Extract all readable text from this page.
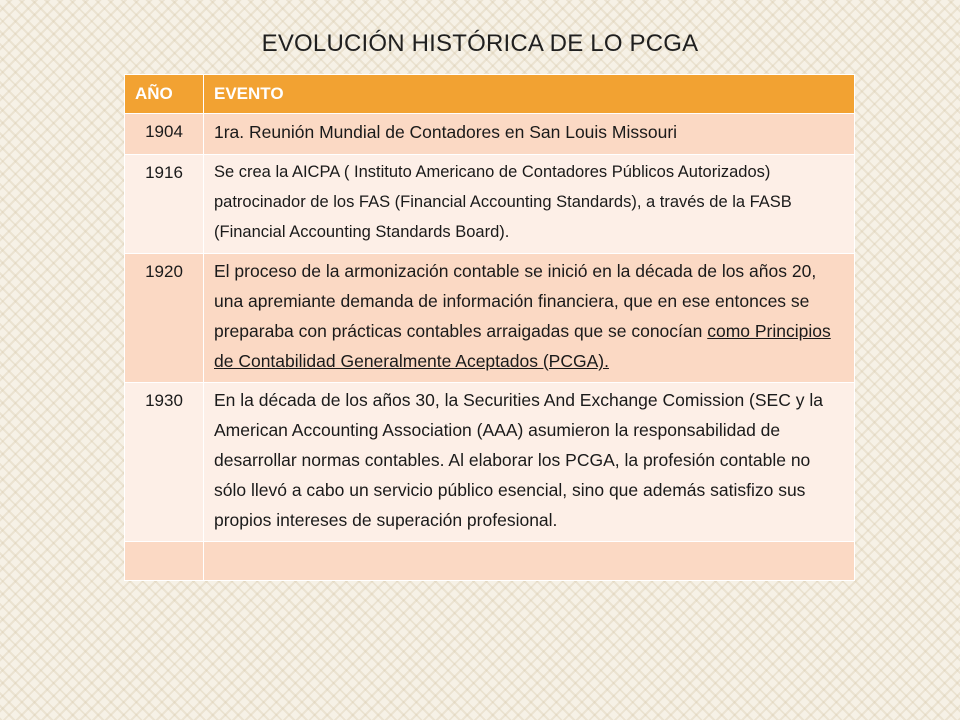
EVOLUCIÓN HISTÓRICA DE LO PCGA
AÑO	EVENTO
1904	1ra. Reunión Mundial de Contadores en San Louis Missouri
1916	Se crea la AICPA ( Instituto Americano de Contadores Públicos Autorizados) patrocinador de los FAS (Financial Accounting Standards), a través de la FASB (Financial Accounting Standards Board).
1920	El proceso de la armonización contable se inició en la década de los años 20, una apremiante demanda de información financiera, que en ese entonces se preparaba con prácticas contables arraigadas que se conocían como Principios de Contabilidad Generalmente Aceptados (PCGA).
1930	En la década de los años 30, la Securities And Exchange Comission (SEC y la American Accounting Association (AAA) asumieron la responsabilidad de desarrollar normas contables. Al elaborar los PCGA, la profesión contable no sólo llevó a cabo un servicio público esencial, sino que además satisfizo sus propios intereses de superación profesional.
